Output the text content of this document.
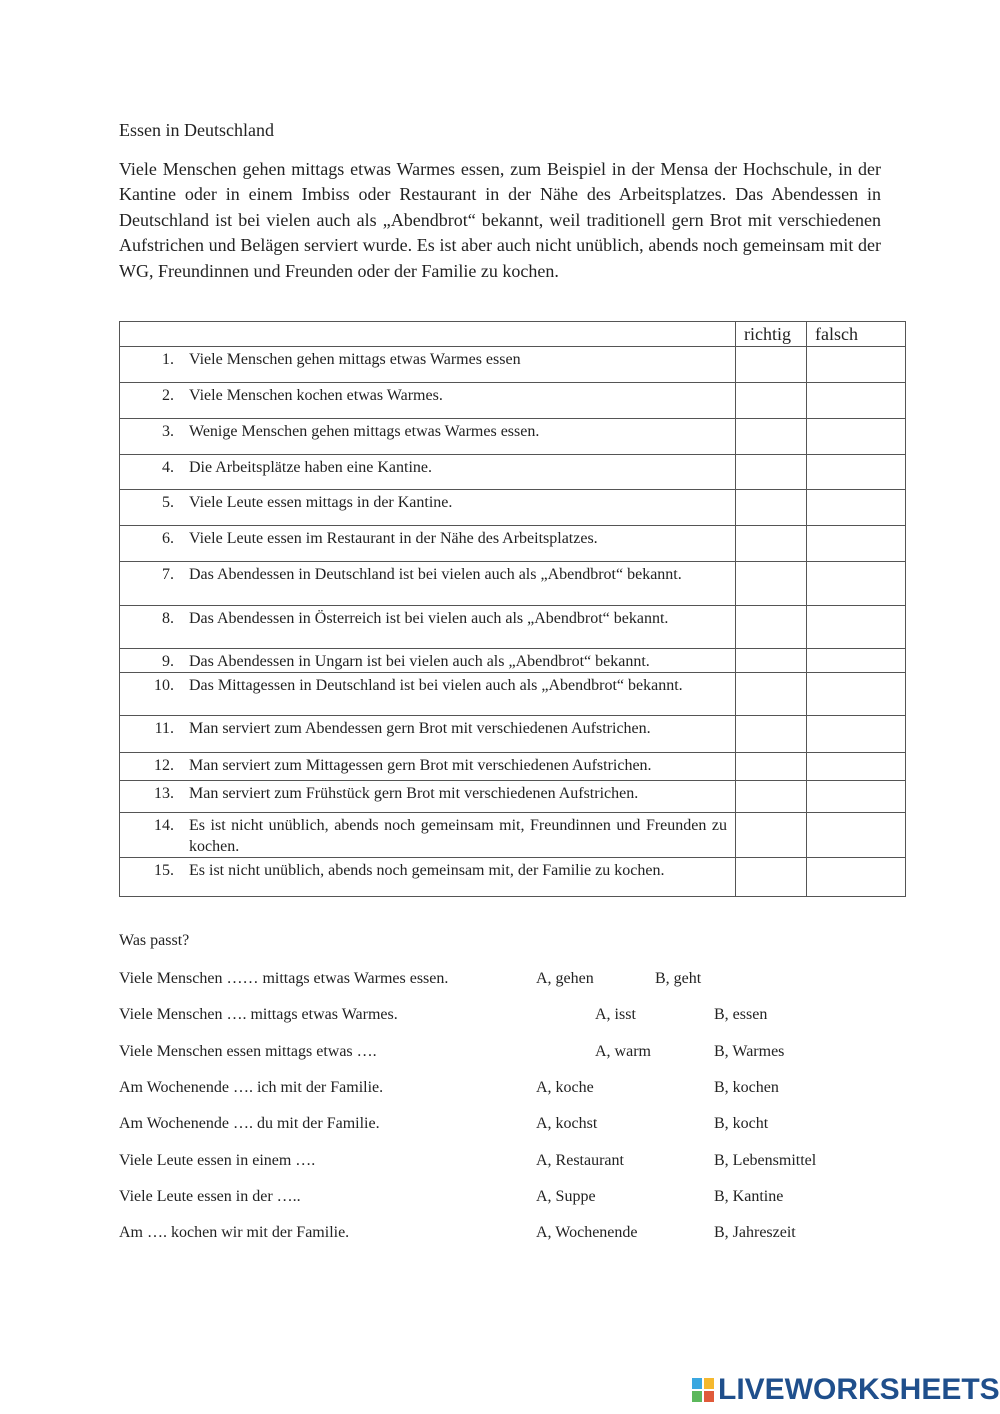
Essen in Deutschland

Viele Menschen gehen mittags etwas Warmes essen, zum Beispiel in der Mensa der Hochschule, in der Kantine oder in einem Imbiss oder Restaurant in der Nähe des Arbeitsplatzes. Das Abendessen in Deutschland ist bei vielen auch als „Abendbrot“ bekannt, weil traditionell gern Brot mit verschiedenen Aufstrichen und Belägen serviert wurde. Es ist aber auch nicht unüblich, abends noch gemeinsam mit der WG, Freundinnen und Freunden oder der Familie zu kochen.

	richtig	falsch

1. Viele Menschen gehen mittags etwas Warmes essen		

2. Viele Menschen kochen etwas Warmes.		

3. Wenige Menschen gehen mittags etwas Warmes essen.		

4. Die Arbeitsplätze haben eine Kantine.		

5. Viele Leute essen mittags in der Kantine.		

6. Viele Leute essen im Restaurant in der Nähe des Arbeitsplatzes.		

7. Das Abendessen in Deutschland ist bei vielen auch als „Abendbrot“ bekannt.		

8. Das Abendessen in Österreich ist bei vielen auch als „Abendbrot“ bekannt.		

9. Das Abendessen in Ungarn ist bei vielen auch als „Abendbrot“ bekannt.		

10. Das Mittagessen in Deutschland ist bei vielen auch als „Abendbrot“ bekannt.		

11. Man serviert zum Abendessen gern Brot mit verschiedenen Aufstrichen.		

12. Man serviert zum Mittagessen gern Brot mit verschiedenen Aufstrichen.		

13. Man serviert zum Frühstück gern Brot mit verschiedenen Aufstrichen.		

14. Es ist nicht unüblich, abends noch gemeinsam mit, Freundinnen und Freunden zu kochen.		

15. Es ist nicht unüblich, abends noch gemeinsam mit, der Familie zu kochen.		

Was passt?
Viele Menschen …… mittags etwas Warmes essen.	A, gehen	B, geht
Viele Menschen …. mittags etwas Warmes.	A, isst	B, essen
Viele Menschen essen mittags etwas ….	A, warm	B, Warmes
Am Wochenende …. ich mit der Familie.	A, koche	B, kochen
Am Wochenende …. du mit der Familie.	A, kochst	B, kocht
Viele Leute essen in einem ….	A, Restaurant	B, Lebensmittel
Viele Leute essen in der …..	A, Suppe	B, Kantine
Am …. kochen wir mit der Familie.	A, Wochenende	B, Jahreszeit
LIVEWORKSHEETS
